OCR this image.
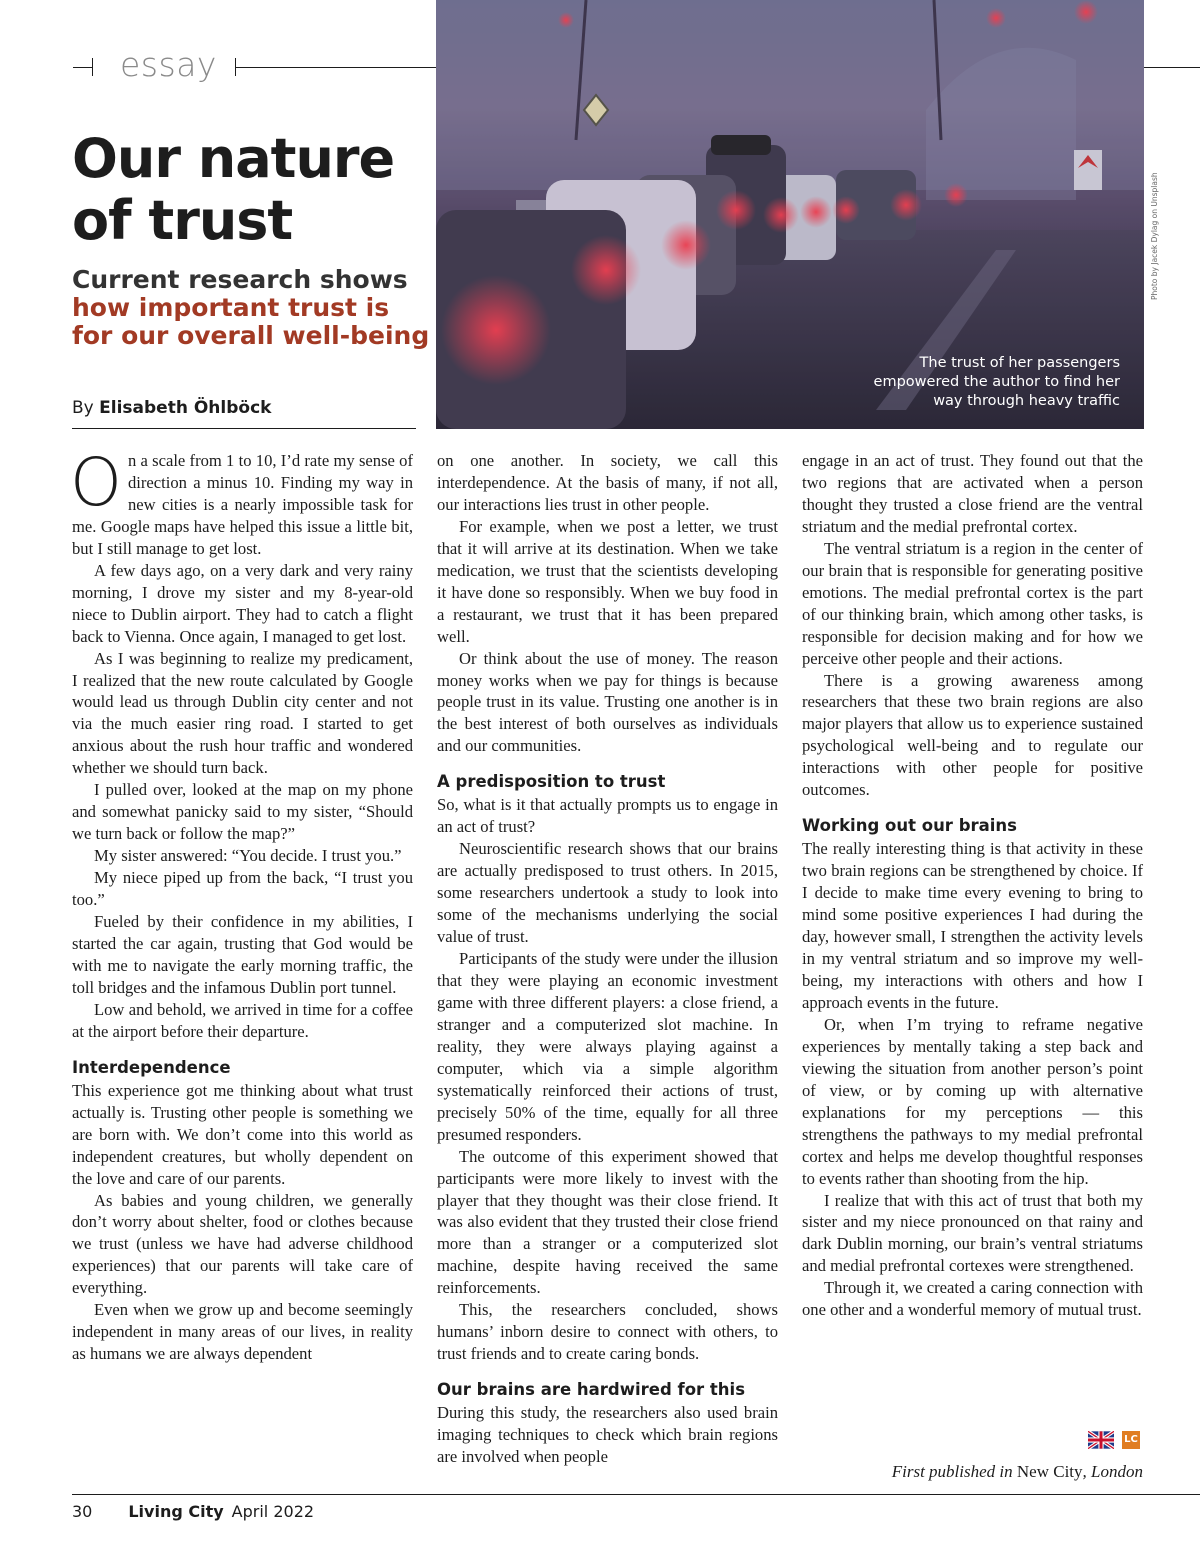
essay
Our nature of trust
Current research shows
how important trust is for our overall well-being
By Elisabeth Öhlböck
The trust of her passengers empowered the author to find her way through heavy traffic
Photo by Jacek Dylag on Unsplash

On a scale from 1 to 10, I’d rate my sense of direction a minus 10. Finding my way in new cities is a nearly impossible task for me. Google maps have helped this issue a little bit, but I still manage to get lost.

A few days ago, on a very dark and very rainy morning, I drove my sister and my 8-year-old niece to Dublin airport. They had to catch a flight back to Vienna. Once again, I managed to get lost.

As I was beginning to realize my predicament, I realized that the new route calculated by Google would lead us through Dublin city center and not via the much easier ring road. I started to get anxious about the rush hour traffic and wondered whether we should turn back.

I pulled over, looked at the map on my phone and somewhat panicky said to my sister, “Should we turn back or follow the map?”

My sister answered: “You decide. I trust you.”

My niece piped up from the back, “I trust you too.”

Fueled by their confidence in my abilities, I started the car again, trusting that God would be with me to navigate the early morning traffic, the toll bridges and the infamous Dublin port tunnel.

Low and behold, we arrived in time for a coffee at the airport before their departure.

Interdependence

This experience got me thinking about what trust actually is. Trusting other people is something we are born with. We don’t come into this world as independent creatures, but wholly dependent on the love and care of our parents.

As babies and young children, we generally don’t worry about shelter, food or clothes because we trust (unless we have had adverse childhood experiences) that our parents will take care of everything.

Even when we grow up and become seemingly independent in many areas of our lives, in reality as humans we are always dependent

on one another. In society, we call this interdependence. At the basis of many, if not all, our interactions lies trust in other people.

For example, when we post a letter, we trust that it will arrive at its destination. When we take medication, we trust that the scientists developing it have done so responsibly. When we buy food in a restaurant, we trust that it has been prepared well.

Or think about the use of money. The reason money works when we pay for things is because people trust in its value. Trusting one another is in the best interest of both ourselves as individuals and our communities.

A predisposition to trust

So, what is it that actually prompts us to engage in an act of trust?

Neuroscientific research shows that our brains are actually predisposed to trust others. In 2015, some researchers undertook a study to look into some of the mechanisms underlying the social value of trust.

Participants of the study were under the illusion that they were playing an economic investment game with three different players: a close friend, a stranger and a computerized slot machine. In reality, they were always playing against a computer, which via a simple algorithm systematically reinforced their actions of trust, precisely 50% of the time, equally for all three presumed responders.

The outcome of this experiment showed that participants were more likely to invest with the player that they thought was their close friend. It was also evident that they trusted their close friend more than a stranger or a computerized slot machine, despite having received the same reinforcements.

This, the researchers concluded, shows humans’ inborn desire to connect with others, to trust friends and to create caring bonds.

Our brains are hardwired for this

During this study, the researchers also used brain imaging techniques to check which brain regions are involved when people

engage in an act of trust. They found out that the two regions that are activated when a person thought they trusted a close friend are the ventral striatum and the medial prefrontal cortex.

The ventral striatum is a region in the center of our brain that is responsible for generating positive emotions. The medial prefrontal cortex is the part of our thinking brain, which among other tasks, is responsible for decision making and for how we perceive other people and their actions.

There is a growing awareness among researchers that these two brain regions are also major players that allow us to experience sustained psychological well-being and to regulate our interactions with other people for positive outcomes.

Working out our brains

The really interesting thing is that activity in these two brain regions can be strengthened by choice. If I decide to make time every evening to bring to mind some positive experiences I had during the day, however small, I strengthen the activity levels in my ventral striatum and so improve my well-being, my interactions with others and how I approach events in the future.

Or, when I’m trying to reframe negative experiences by mentally taking a step back and viewing the situation from another person’s point of view, or by coming up with alternative explanations for my perceptions — this strengthens the pathways to my medial prefrontal cortex and helps me develop thoughtful responses to events rather than shooting from the hip.

I realize that with this act of trust that both my sister and my niece pronounced on that rainy and dark Dublin morning, our brain’s ventral striatums and medial prefrontal cortexes were strengthened.

Through it, we created a caring connection with one other and a wonderful memory of mutual trust.

LC
First published in New City, London
30 Living City April 2022
